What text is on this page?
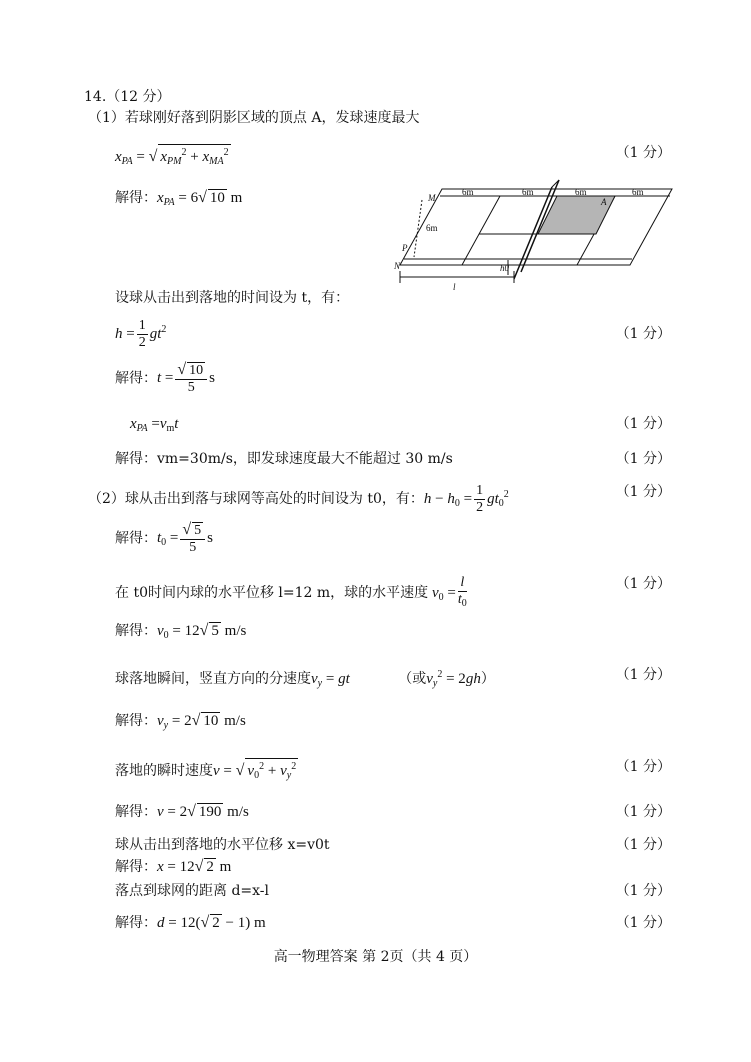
14.（12 分）
（1）若球刚好落到阴影区域的顶点 A，发球速度最大
$x_{PA}$ = √ $x_{PM}^2 + x_{MA}^2$	（1 分）
解得：$x_{PA} = 6√$ 10 m	M
P
N
A
l
h0
6m	6m	6m	6m
6m
设球从击出到落地的时间设为 t，有：
$h = \frac{1}{2} gt^2$	（1 分）
解得：$t = \frac{√ 10}{5}$ s
$x_{PA} =v_mt$	（1 分）
解得：vm=30m/s，即发球速度最大不能超过 30 m/s	（1 分）
（2）球从击出到落与球网等高处的时间设为 t0，有：$h - h_0 = \frac{1}{2} gt_0^2$	（1 分）
解得：$t_0 = \frac{√ 5}{5}$ s
在 t0时间内球的水平位移 l=12 m，球的水平速度 $v_0 = \frac{l}{t_0}$	（1 分）
解得：$v_0 = 12√$ 5 m/s
球落地瞬间，竖直方向的分速度$v_y$ = gt	（或$v_y^2 = 2gh$）	（1 分）
解得：$v_y = 2√$ 10 m/s
落地的瞬时速度v = √ $v_0^2 + v_y^2$	（1 分）
解得：v = 2√ 190 m/s	（1 分）
球从击出到落地的水平位移 x=v0t	（1 分）
解得：x = 12√ 2 m
落点到球网的距离 d=x-l	（1 分）
解得：d = 12(√ 2 − 1) m	（1 分）
高一物理答案 第 2页（共 4 页）
